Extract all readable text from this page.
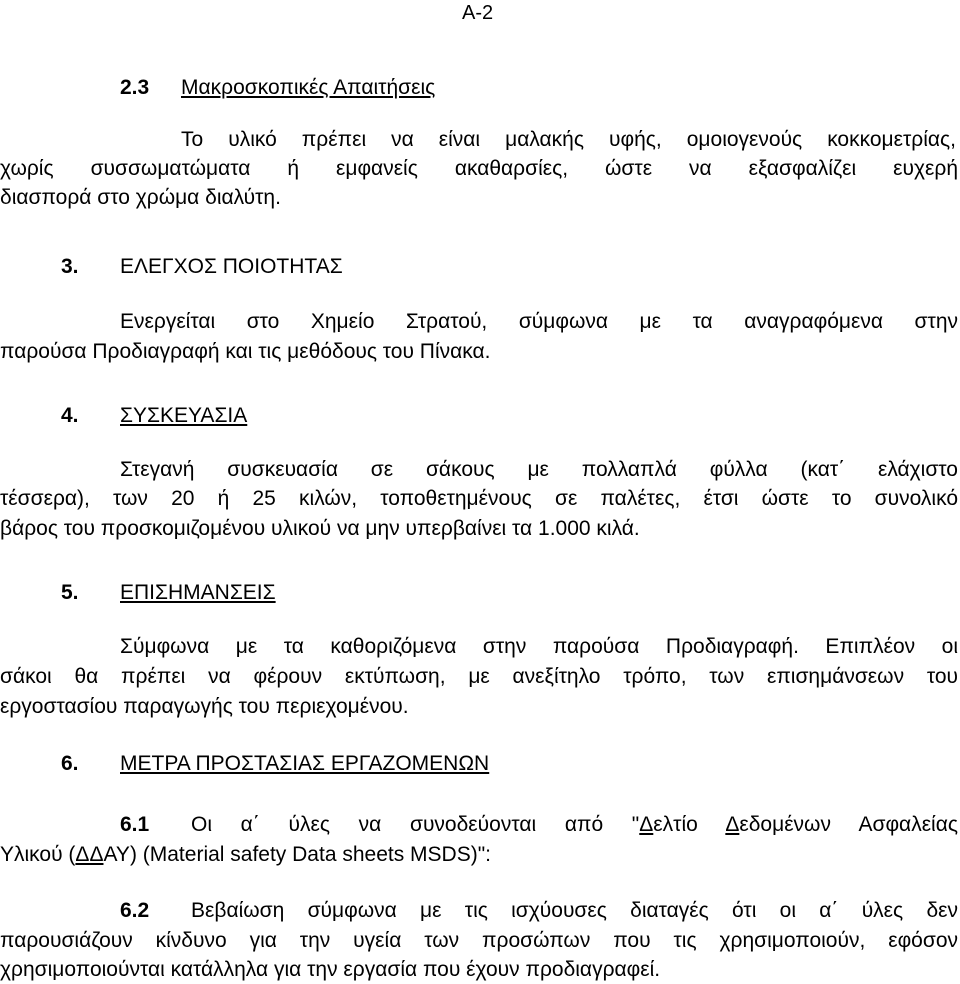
A-2
2.3 Μακροσκοπικές Απαιτήσεις
Το υλικό πρέπει να είναι μαλακής υφής, ομοιογενούς κοκκομετρίας,
χωρίς συσσωματώματα ή εμφανείς ακαθαρσίες, ώστε να εξασφαλίζει ευχερή
διασπορά στο χρώμα διαλύτη.
3. ΕΛΕΓΧΟΣ ΠΟΙΟΤΗΤΑΣ
Ενεργείται στο Χημείο Στρατού, σύμφωνα με τα αναγραφόμενα στην
παρούσα Προδιαγραφή και τις μεθόδους του Πίνακα.
4. ΣΥΣΚΕΥΑΣΙΑ
Στεγανή συσκευασία σε σάκους με πολλαπλά φύλλα (κατ΄ ελάχιστο
τέσσερα), των 20 ή 25 κιλών, τοποθετημένους σε παλέτες, έτσι ώστε το συνολικό
βάρος του προσκομιζομένου υλικού να μην υπερβαίνει τα 1.000 κιλά.
5. ΕΠΙΣΗΜΑΝΣΕΙΣ
Σύμφωνα με τα καθοριζόμενα στην παρούσα Προδιαγραφή. Επιπλέον οι
σάκοι θα πρέπει να φέρουν εκτύπωση, με ανεξίτηλο τρόπο, των επισημάνσεων του
εργοστασίου παραγωγής του περιεχομένου.
6. ΜΕΤΡΑ ΠΡΟΣΤΑΣΙΑΣ ΕΡΓΑΖΟΜΕΝΩΝ
6.1 Οι α΄ ύλες να συνοδεύονται από "Δελτίο Δεδομένων Ασφαλείας
Υλικού (ΔΔΑΥ) (Material safety Data sheets MSDS)":
6.2 Βεβαίωση σύμφωνα με τις ισχύουσες διαταγές ότι οι α΄ ύλες δεν
παρουσιάζουν κίνδυνο για την υγεία των προσώπων που τις χρησιμοποιούν, εφόσον
χρησιμοποιούνται κατάλληλα για την εργασία που έχουν προδιαγραφεί.
